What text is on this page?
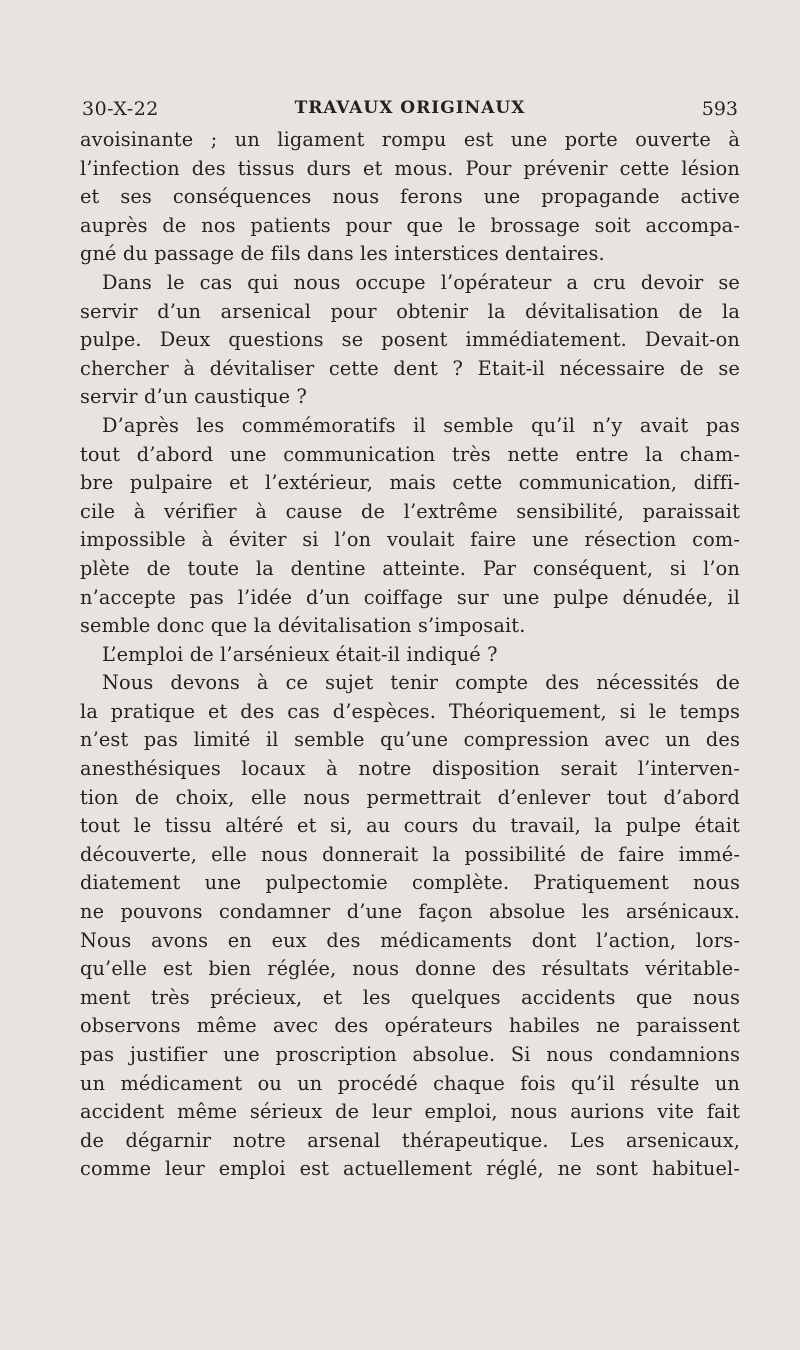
30-X-22	TRAVAUX ORIGINAUX	593
avoisinante ; un ligament rompu est une porte ouverte à
l’infection des tissus durs et mous. Pour prévenir cette lésion
et ses conséquences nous ferons une propagande active
auprès de nos patients pour que le brossage soit accompa-
gné du passage de fils dans les interstices dentaires.
Dans le cas qui nous occupe l’opérateur a cru devoir se
servir d’un arsenical pour obtenir la dévitalisation de la
pulpe. Deux questions se posent immédiatement. Devait-on
chercher à dévitaliser cette dent ? Etait-il nécessaire de se
servir d’un caustique ?
D’après les commémoratifs il semble qu’il n’y avait pas
tout d’abord une communication très nette entre la cham-
bre pulpaire et l’extérieur, mais cette communication, diffi-
cile à vérifier à cause de l’extrême sensibilité, paraissait
impossible à éviter si l’on voulait faire une résection com-
plète de toute la dentine atteinte. Par conséquent, si l’on
n’accepte pas l’idée d’un coiffage sur une pulpe dénudée, il
semble donc que la dévitalisation s’imposait.
L’emploi de l’arsénieux était-il indiqué ?
Nous devons à ce sujet tenir compte des nécessités de
la pratique et des cas d’espèces. Théoriquement, si le temps
n’est pas limité il semble qu’une compression avec un des
anesthésiques locaux à notre disposition serait l’interven-
tion de choix, elle nous permettrait d’enlever tout d’abord
tout le tissu altéré et si, au cours du travail, la pulpe était
découverte, elle nous donnerait la possibilité de faire immé-
diatement une pulpectomie complète. Pratiquement nous
ne pouvons condamner d’une façon absolue les arsénicaux.
Nous avons en eux des médicaments dont l’action, lors-
qu’elle est bien réglée, nous donne des résultats véritable-
ment très précieux, et les quelques accidents que nous
observons même avec des opérateurs habiles ne paraissent
pas justifier une proscription absolue. Si nous condamnions
un médicament ou un procédé chaque fois qu’il résulte un
accident même sérieux de leur emploi, nous aurions vite fait
de dégarnir notre arsenal thérapeutique. Les arsenicaux,
comme leur emploi est actuellement réglé, ne sont habituel-
